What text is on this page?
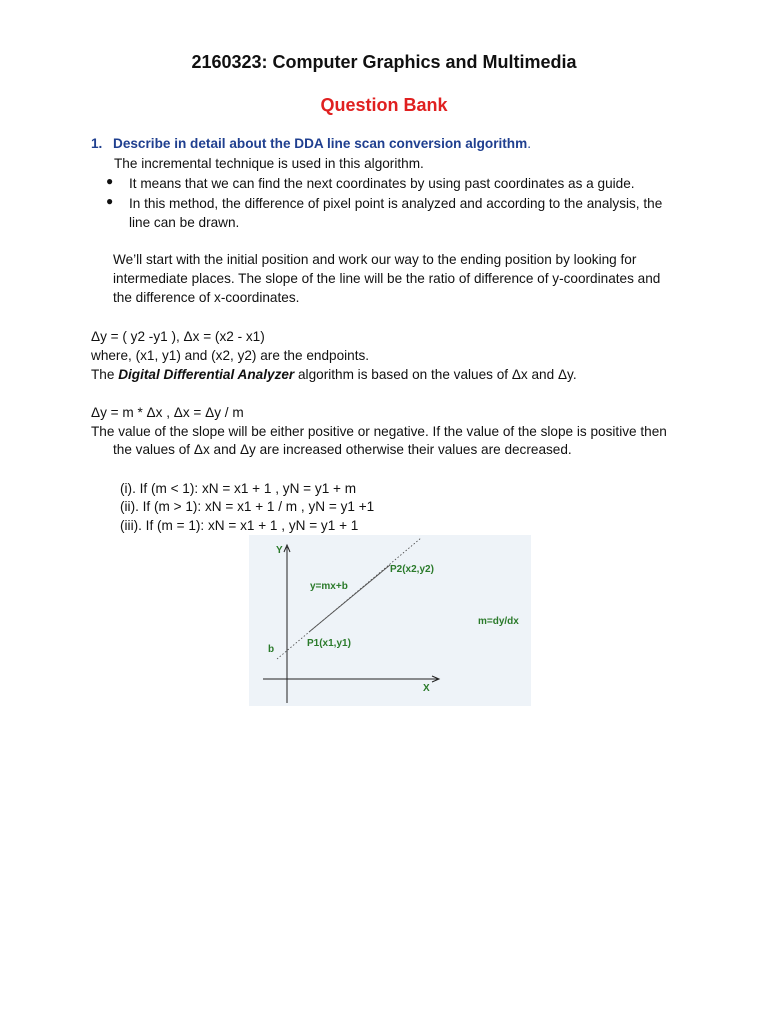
2160323: Computer Graphics and Multimedia
Question Bank
1. Describe in detail about the DDA line scan conversion algorithm.
The incremental technique is used in this algorithm.
● It means that we can find the next coordinates by using past coordinates as a guide.
● In this method, the difference of pixel point is analyzed and according to the analysis, the
line can be drawn.
We’ll start with the initial position and work our way to the ending position by looking for
intermediate places. The slope of the line will be the ratio of difference of y-coordinates and
the difference of x-coordinates.
Δy = ( y2 -y1 ), Δx = (x2 - x1)
where, (x1, y1) and (x2, y2) are the endpoints.
The Digital Differential Analyzer algorithm is based on the values of Δx and Δy.
Δy = m * Δx , Δx = Δy / m
The value of the slope will be either positive or negative. If the value of the slope is positive then
the values of Δx and Δy are increased otherwise their values are decreased.
(i). If (m < 1): xN = x1 + 1 , yN = y1 + m
(ii). If (m > 1): xN = x1 + 1 / m , yN = y1 +1
(iii). If (m = 1): xN = x1 + 1 , yN = y1 + 1
Y
X
y=mx+b
P2(x2,y2)
P1(x1,y1)
b
m=dy/dx
